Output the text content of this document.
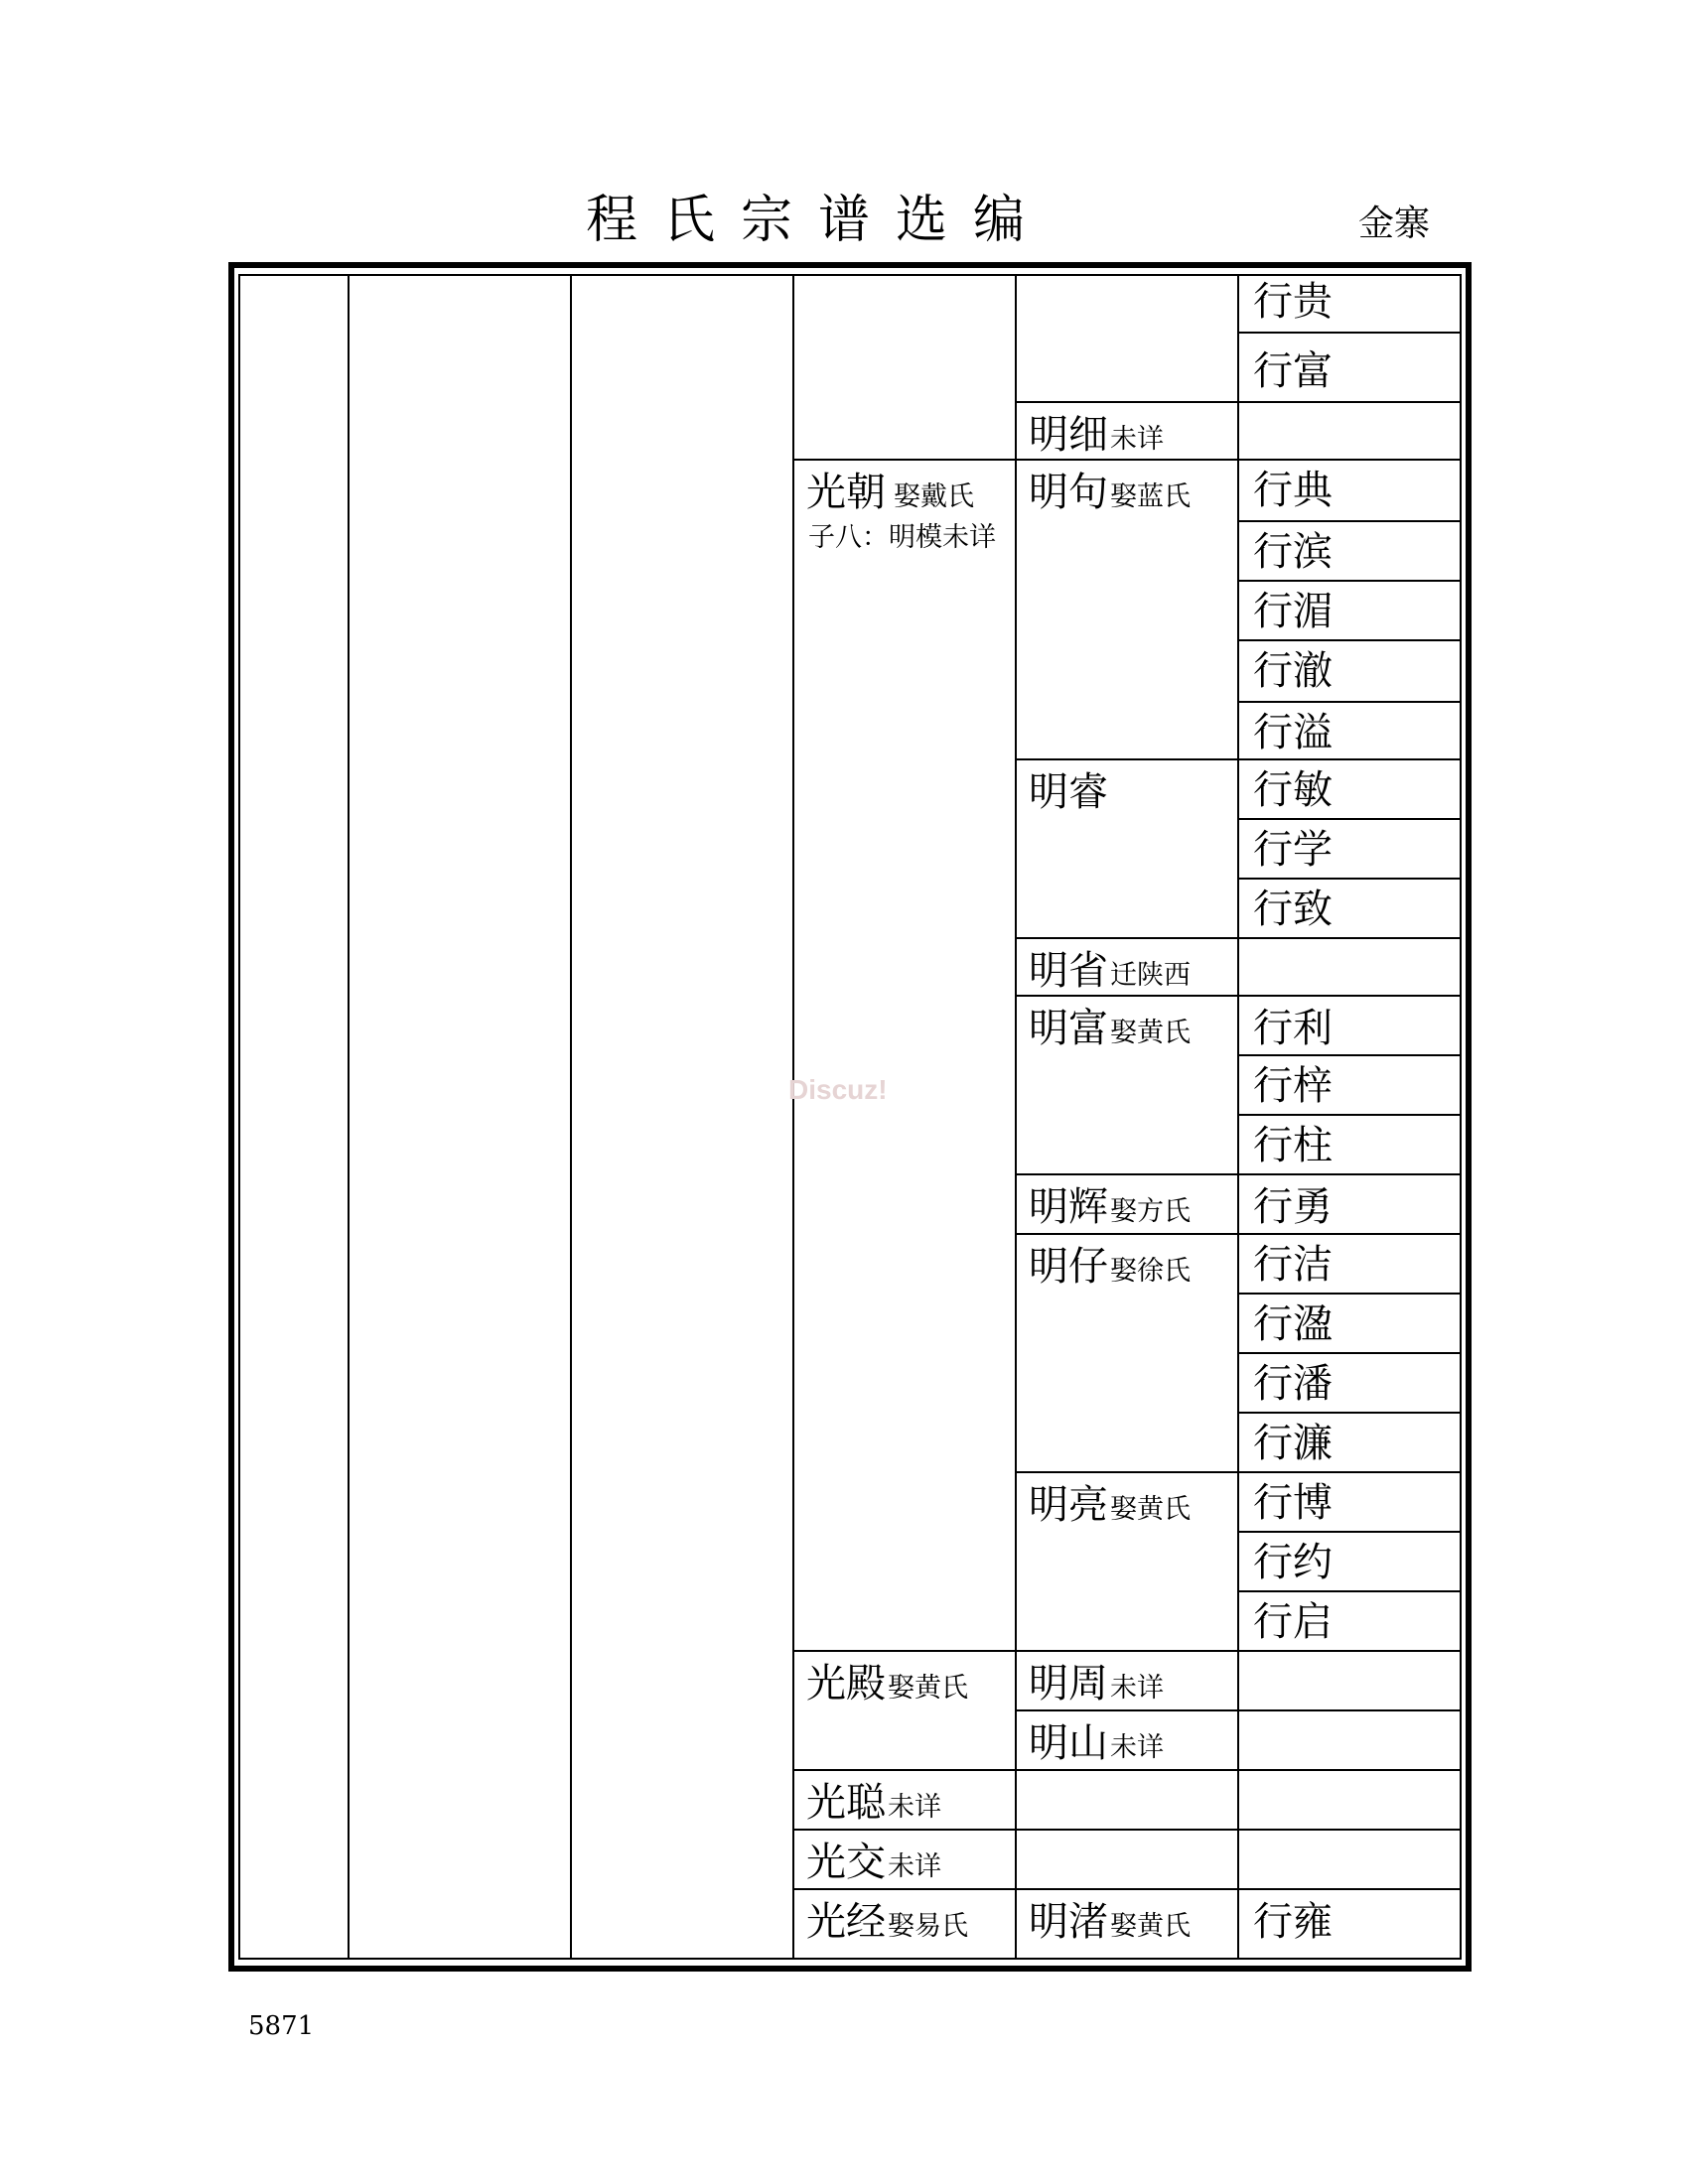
程氏宗谱选编	金寨
光朝 娶戴氏
子八：明模未详
光殿娶黄氏
光聪未详
光交未详
光经娶易氏
明细未详
明句娶蓝氏
明睿
明省迁陕西
明富娶黄氏
明辉娶方氏
明仔娶徐氏
明亮娶黄氏
明周未详
明山未详
明渚娶黄氏
行贵
行富
行典
行滨
行湄
行澈
行溢
行敏
行学
行致
行利
行梓
行柱
行勇
行洁
行溋
行潘
行濂
行博
行约
行启
行雍
Discuz!
5871
